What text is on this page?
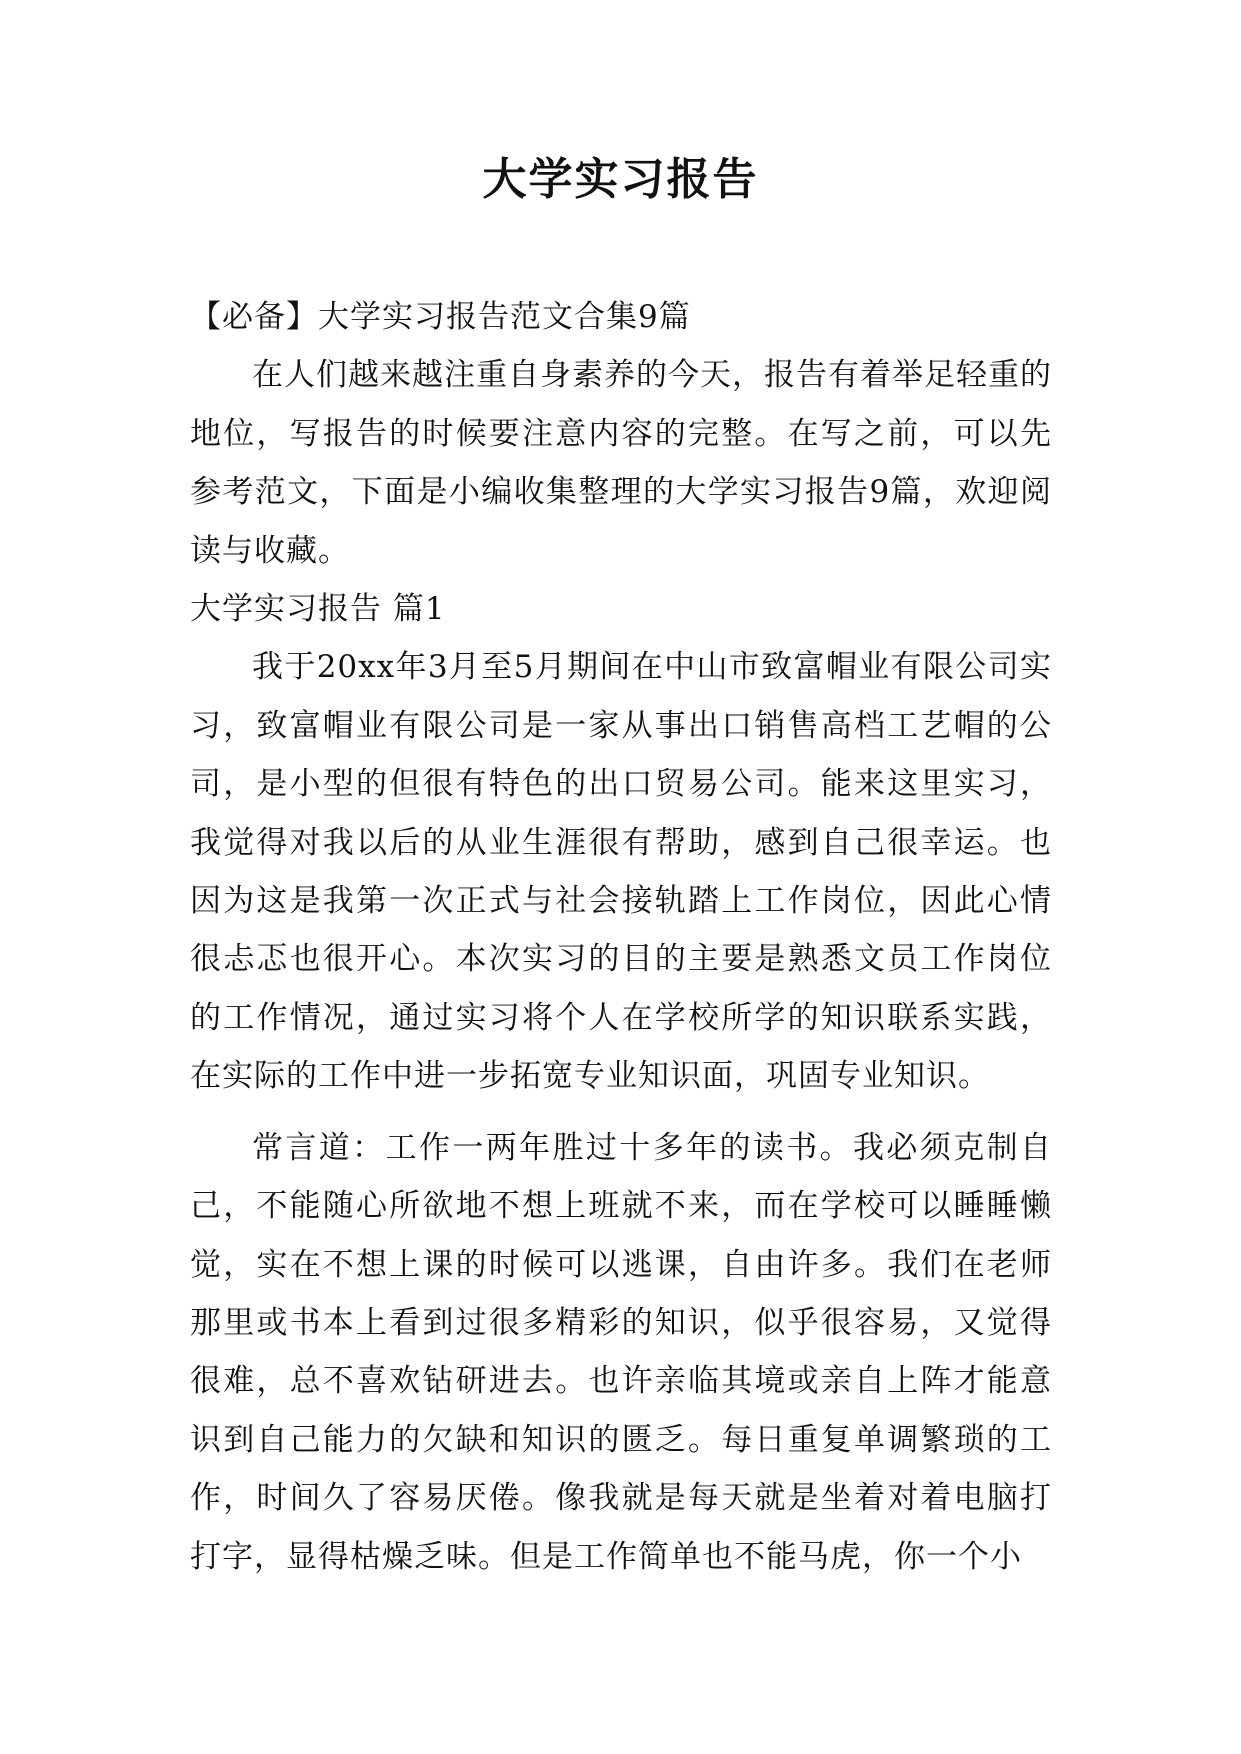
大学实习报告

【必备】大学实习报告范文合集9篇

在人们越来越注重自身素养的今天，报告有着举足轻重的地位，写报告的时候要注意内容的完整。在写之前，可以先参考范文，下面是小编收集整理的大学实习报告9篇，欢迎阅读与收藏。

大学实习报告 篇1

我于20xx年3月至5月期间在中山市致富帽业有限公司实习，致富帽业有限公司是一家从事出口销售高档工艺帽的公司，是小型的但很有特色的出口贸易公司。能来这里实习，我觉得对我以后的从业生涯很有帮助，感到自己很幸运。也因为这是我第一次正式与社会接轨踏上工作岗位，因此心情很忐忑也很开心。本次实习的目的主要是熟悉文员工作岗位的工作情况，通过实习将个人在学校所学的知识联系实践，在实际的工作中进一步拓宽专业知识面，巩固专业知识。

常言道：工作一两年胜过十多年的读书。我必须克制自己，不能随心所欲地不想上班就不来，而在学校可以睡睡懒觉，实在不想上课的时候可以逃课，自由许多。我们在老师那里或书本上看到过很多精彩的知识，似乎很容易，又觉得很难，总不喜欢钻研进去。也许亲临其境或亲自上阵才能意识到自己能力的欠缺和知识的匮乏。每日重复单调繁琐的工作，时间久了容易厌倦。像我就是每天就是坐着对着电脑打打字，显得枯燥乏味。但是工作简单也不能马虎，你一个小
